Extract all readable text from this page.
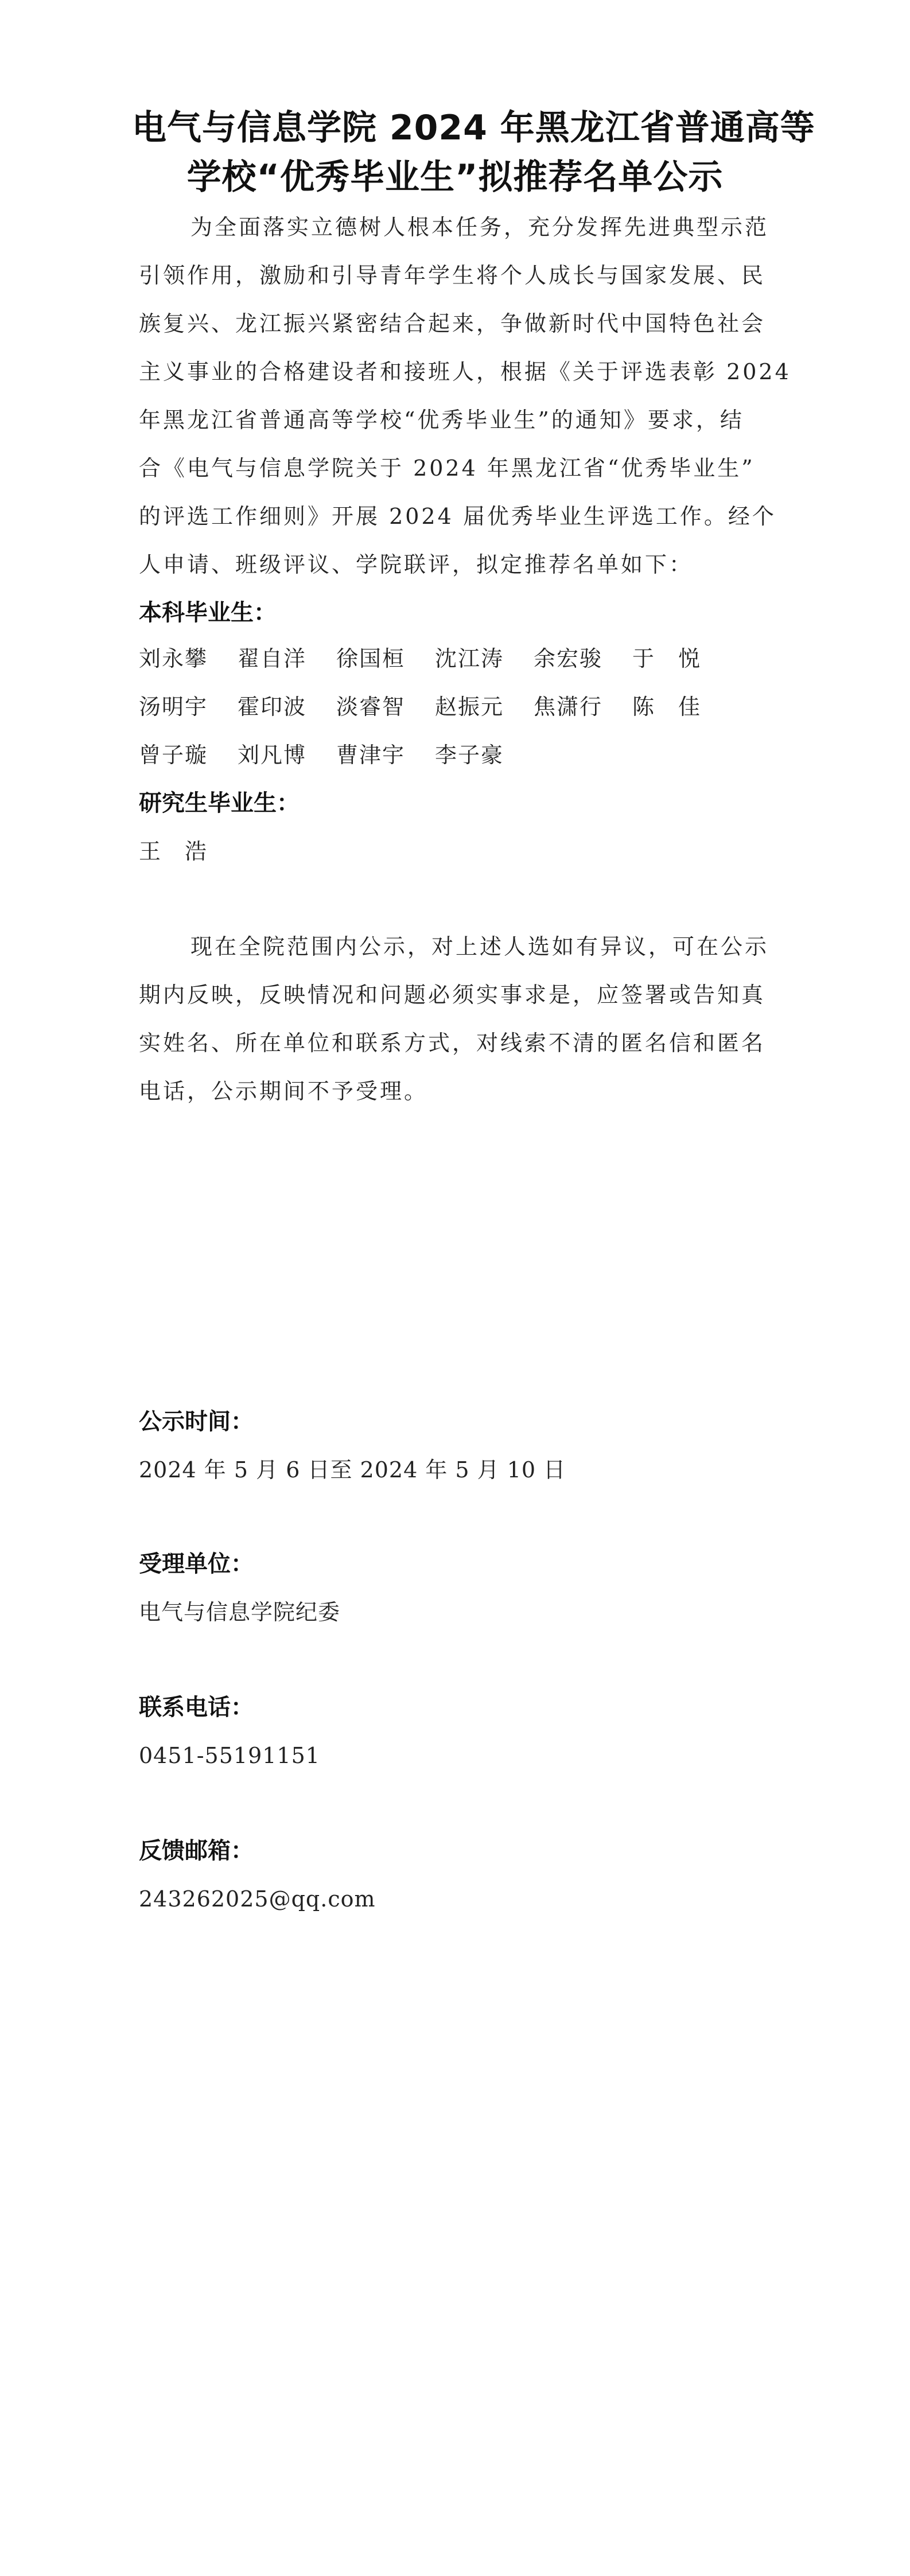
电气与信息学院 2024 年黑龙江省普通高等
学校“优秀毕业生”拟推荐名单公示
为全面落实立德树人根本任务，充分发挥先进典型示范
引领作用，激励和引导青年学生将个人成长与国家发展、民
族复兴、龙江振兴紧密结合起来，争做新时代中国特色社会
主义事业的合格建设者和接班人，根据《关于评选表彰 2024
年黑龙江省普通高等学校“优秀毕业生”的通知》要求，结
合《电气与信息学院关于 2024 年黑龙江省“优秀毕业生”
的评选工作细则》开展 2024 届优秀毕业生评选工作。经个
人申请、班级评议、学院联评，拟定推荐名单如下：
本科毕业生：
刘永攀 翟自洋 徐国桓 沈江涛 余宏骏 于　悦
汤明宇 霍印波 淡睿智 赵振元 焦潇行 陈　佳
曾子璇 刘凡博 曹津宇 李子豪
研究生毕业生：
王　浩
现在全院范围内公示，对上述人选如有异议，可在公示
期内反映，反映情况和问题必须实事求是，应签署或告知真
实姓名、所在单位和联系方式，对线索不清的匿名信和匿名
电话，公示期间不予受理。
公示时间：
2024 年 5 月 6 日至 2024 年 5 月 10 日
受理单位：
电气与信息学院纪委
联系电话：
0451-55191151
反馈邮箱：
243262025@qq.com
